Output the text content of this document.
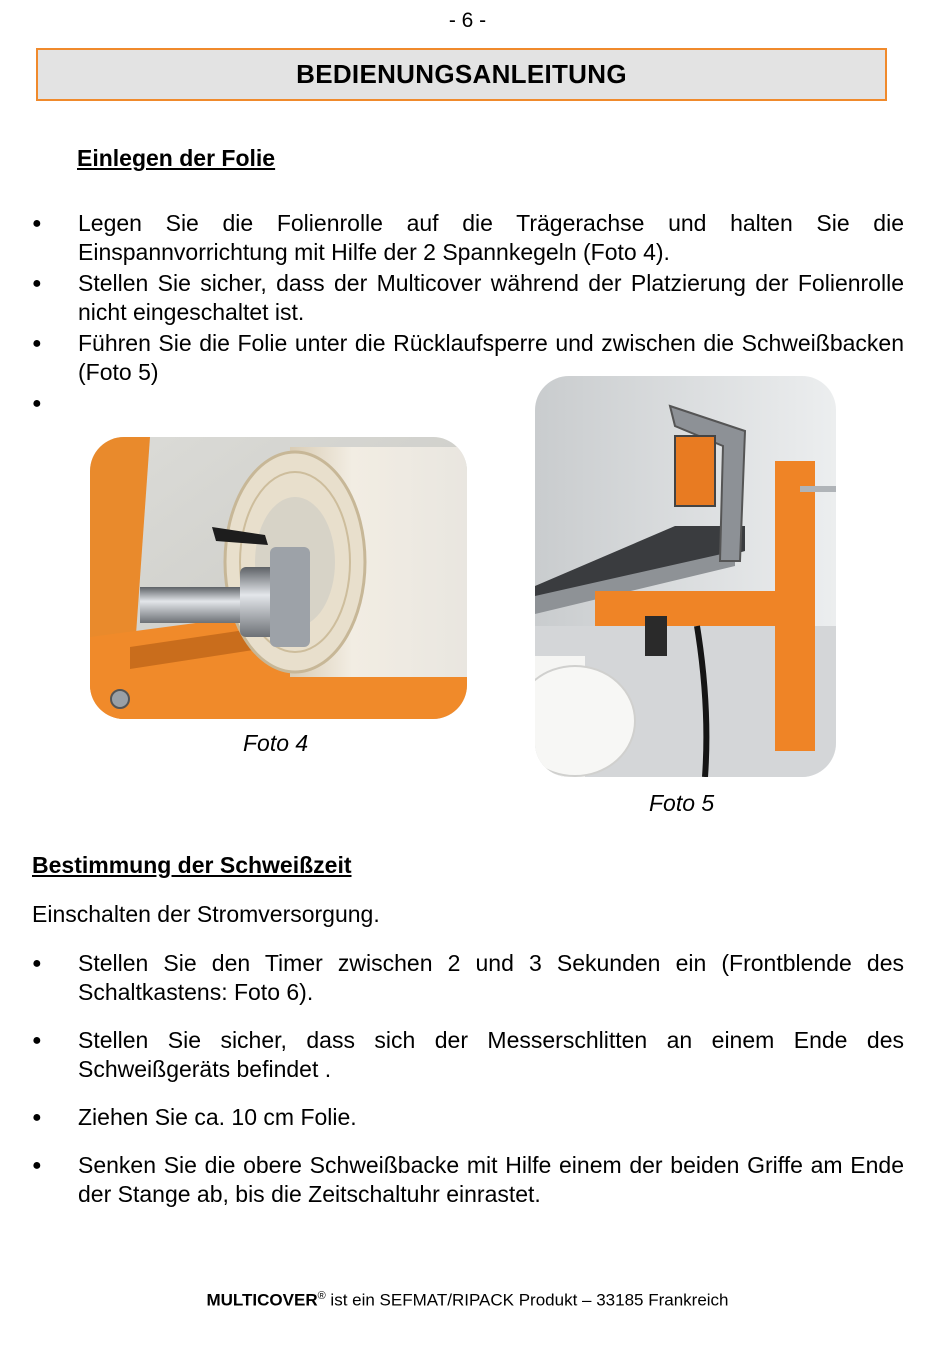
- 6 -
BEDIENUNGSANLEITUNG
Einlegen der Folie
● Legen Sie die Folienrolle auf die Trägerachse und halten Sie die Einspannvorrichtung mit Hilfe der 2 Spannkegeln (Foto 4).
● Stellen Sie sicher, dass der Multicover während der Platzierung der Folienrolle nicht eingeschaltet ist.
● Führen Sie die Folie unter die Rücklaufsperre und zwischen die Schweißbacken (Foto 5)
●

Foto 4
Foto 5
Bestimmung der Schweißzeit
Einschalten der Stromversorgung.
● Stellen Sie den Timer zwischen 2 und 3 Sekunden ein (Frontblende des Schaltkastens: Foto 6).
● Stellen Sie sicher, dass sich der Messerschlitten an einem Ende des Schweißgeräts befindet .
● Ziehen Sie ca. 10 cm Folie.
● Senken Sie die obere Schweißbacke mit Hilfe einem der beiden Griffe am Ende der Stange ab, bis die Zeitschaltuhr einrastet.
MULTICOVER® ist ein SEFMAT/RIPACK Produkt – 33185 Frankreich
